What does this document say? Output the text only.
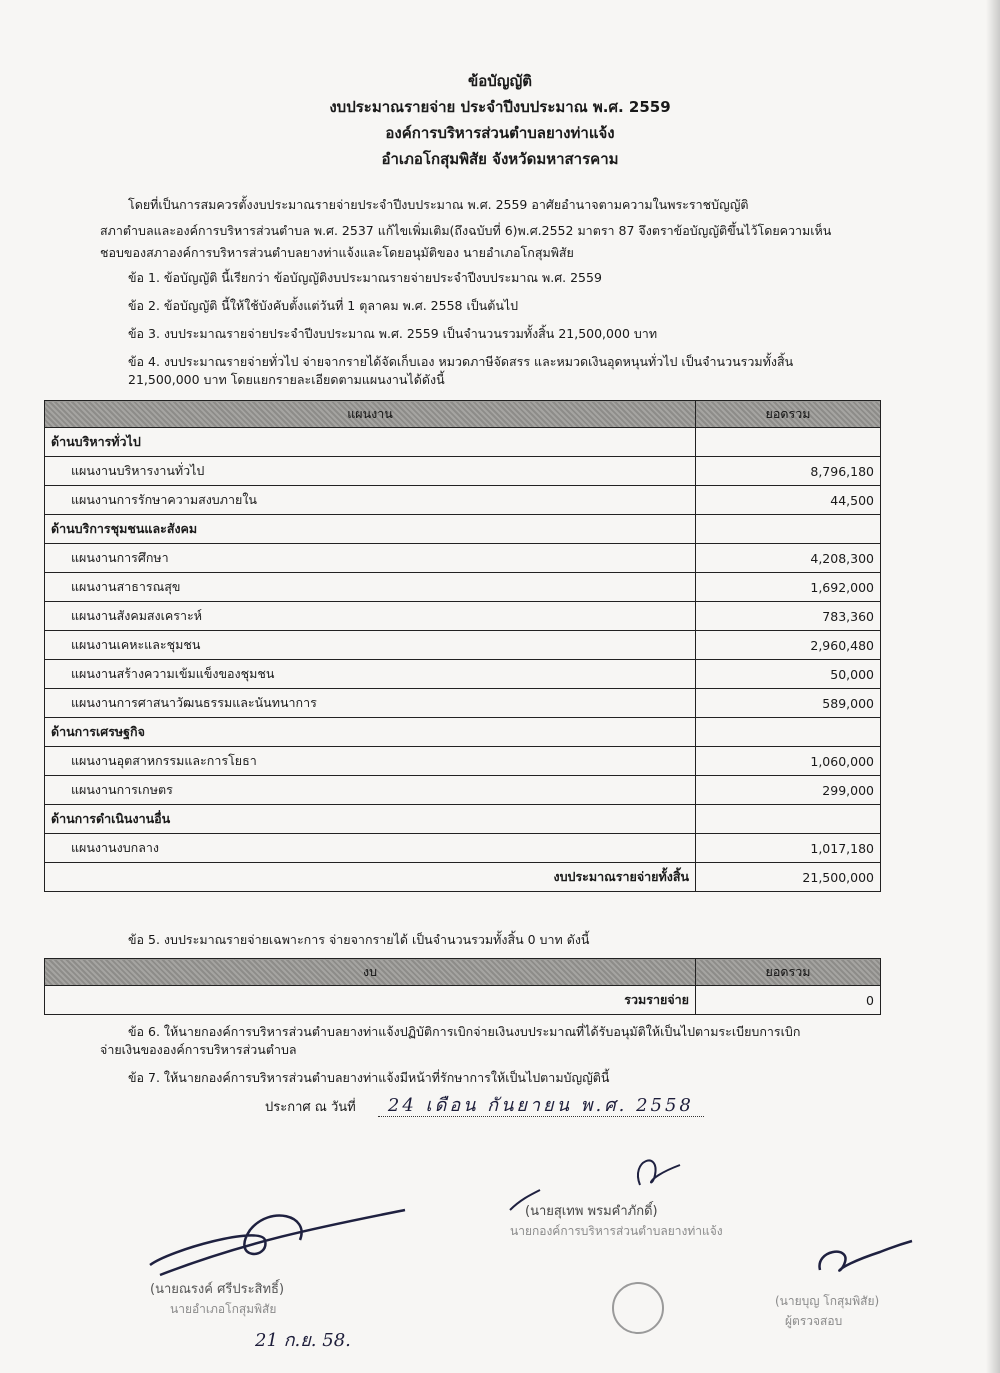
ข้อบัญญัติ
งบประมาณรายจ่าย ประจำปีงบประมาณ พ.ศ. 2559
องค์การบริหารส่วนตำบลยางท่าแจ้ง
อำเภอโกสุมพิสัย จังหวัดมหาสารคาม

โดยที่เป็นการสมควรตั้งงบประมาณรายจ่ายประจำปีงบประมาณ พ.ศ. 2559 อาศัยอำนาจตามความในพระราชบัญญัติ

สภาตำบลและองค์การบริหารส่วนตำบล พ.ศ. 2537 แก้ไขเพิ่มเติม(ถึงฉบับที่ 6)พ.ศ.2552 มาตรา 87 จึงตราข้อบัญญัติขึ้นไว้โดยความเห็น

ชอบของสภาองค์การบริหารส่วนตำบลยางท่าแจ้งและโดยอนุมัติของ นายอำเภอโกสุมพิสัย

ข้อ 1. ข้อบัญญัติ นี้เรียกว่า ข้อบัญญัติงบประมาณรายจ่ายประจำปีงบประมาณ พ.ศ. 2559
ข้อ 2. ข้อบัญญัติ นี้ให้ใช้บังคับตั้งแต่วันที่ 1 ตุลาคม พ.ศ. 2558 เป็นต้นไป
ข้อ 3. งบประมาณรายจ่ายประจำปีงบประมาณ พ.ศ. 2559 เป็นจำนวนรวมทั้งสิ้น 21,500,000 บาท
ข้อ 4. งบประมาณรายจ่ายทั่วไป จ่ายจากรายได้จัดเก็บเอง หมวดภาษีจัดสรร และหมวดเงินอุดหนุนทั่วไป เป็นจำนวนรวมทั้งสิ้น
21,500,000 บาท โดยแยกรายละเอียดตามแผนงานได้ดังนี้
แผนงาน	ยอดรวม
ด้านบริหารทั่วไป	
แผนงานบริหารงานทั่วไป	8,796,180
แผนงานการรักษาความสงบภายใน	44,500
ด้านบริการชุมชนและสังคม	
แผนงานการศึกษา	4,208,300
แผนงานสาธารณสุข	1,692,000
แผนงานสังคมสงเคราะห์	783,360
แผนงานเคหะและชุมชน	2,960,480
แผนงานสร้างความเข้มแข็งของชุมชน	50,000
แผนงานการศาสนาวัฒนธรรมและนันทนาการ	589,000
ด้านการเศรษฐกิจ	
แผนงานอุตสาหกรรมและการโยธา	1,060,000
แผนงานการเกษตร	299,000
ด้านการดำเนินงานอื่น	
แผนงานงบกลาง	1,017,180
งบประมาณรายจ่ายทั้งสิ้น	21,500,000
ข้อ 5. งบประมาณรายจ่ายเฉพาะการ จ่ายจากรายได้ เป็นจำนวนรวมทั้งสิ้น 0 บาท ดังนี้
งบ	ยอดรวม
รวมรายจ่าย	0
ข้อ 6. ให้นายกองค์การบริหารส่วนตำบลยางท่าแจ้งปฏิบัติการเบิกจ่ายเงินงบประมาณที่ได้รับอนุมัติให้เป็นไปตามระเบียบการเบิก
จ่ายเงินขององค์การบริหารส่วนตำบล
ข้อ 7. ให้นายกองค์การบริหารส่วนตำบลยางท่าแจ้งมีหน้าที่รักษาการให้เป็นไปตามบัญญัตินี้
ประกาศ ณ วันที่ 24 เดือน กันยายน พ.ศ. 2558
(นายสุเทพ พรมคำภักดิ์)
นายกองค์การบริหารส่วนตำบลยางท่าแจ้ง
(นายณรงค์ ศรีประสิทธิ์)
นายอำเภอโกสุมพิสัย
21 ก.ย. 58.
(นายบุญ โกสุมพิสัย)
ผู้ตรวจสอบ
